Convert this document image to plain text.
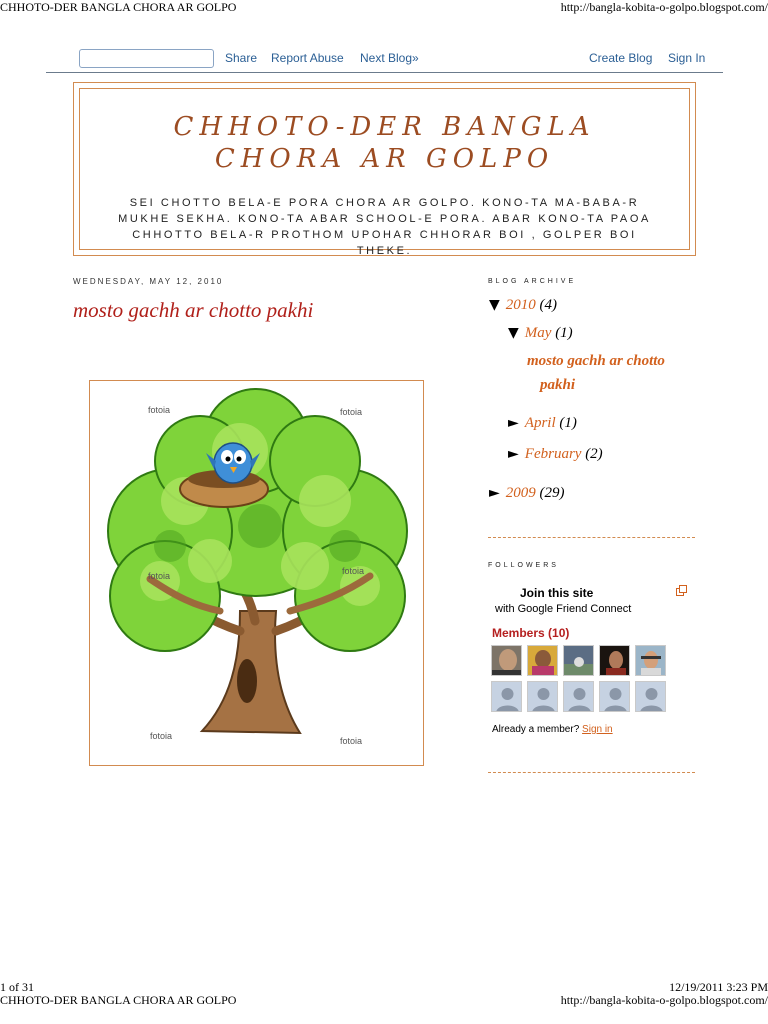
CHHOTO-DER BANGLA CHORA AR GOLPO	http://bangla-kobita-o-golpo.blogspot.com/
Share Report Abuse Next Blog»	Create Blog Sign In
CHHOTO-DER BANGLA
CHORA AR GOLPO
SEI CHOTTO BELA-E PORA CHORA AR GOLPO. KONO-TA MA-BABA-R MUKHE SEKHA. KONO-TA ABAR SCHOOL-E PORA. ABAR KONO-TA PAOA CHHOTTO BELA-R PROTHOM UPOHAR CHHORAR BOI , GOLPER BOI THEKE.
WEDNESDAY, MAY 12, 2010
mosto gachh ar chotto pakhi
fotoia	fotoia
fotoia	fotoia
fotoia	fotoia
BLOG ARCHIVE
▼ 2010 (4)
▼ May (1)
mosto gachh ar chotto
pakhi
► April (1)
► February (2)
► 2009 (29)
FOLLOWERS
Join this site
with Google Friend Connect
Members (10)
Already a member? Sign in
1 of 31	12/19/2011 3:23 PM
CHHOTO-DER BANGLA CHORA AR GOLPO	http://bangla-kobita-o-golpo.blogspot.com/
